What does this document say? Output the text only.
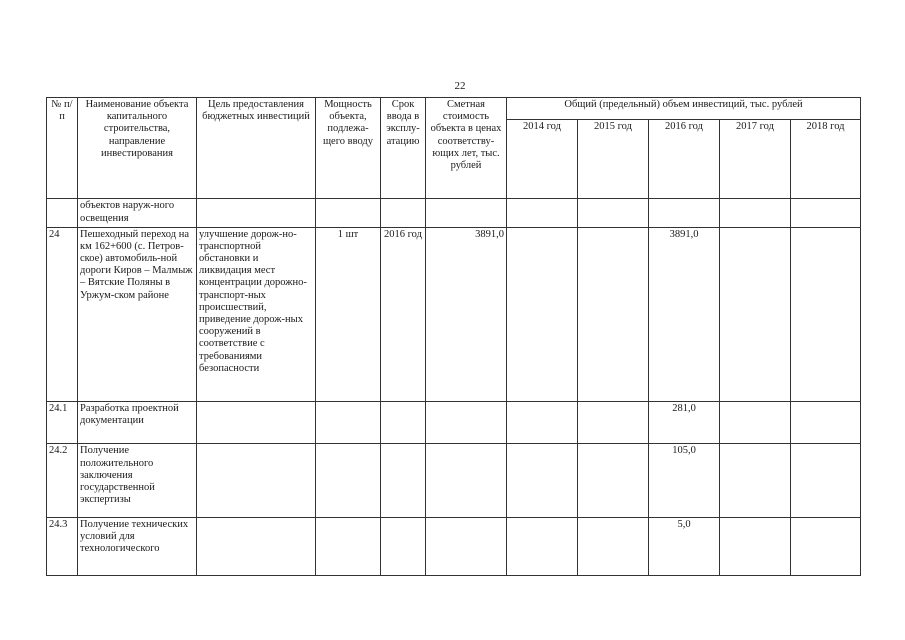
22
№ п/п	Наименование объекта капитального строительства, направление инвестирования	Цель предоставления бюджетных инвестиций	Мощность объекта, подлежа-щего вводу	Срок ввода в эксплу-атацию	Сметная стоимость объекта в ценах соответству-ющих лет, тыс. рублей	Общий (предельный) объем инвестиций, тыс. рублей				
						2014 год	2015 год	2016 год	2017 год	2018 год
	объектов наруж-ного освещения									
24	Пешеходный переход на км 162+600 (с. Петров-ское) автомобиль-ной дороги Киров – Малмыж – Вятские Поляны в Уржум-ском районе	улучшение дорож-но-транспортной обстановки и ликвидация мест концентрации дорожно-транспорт-ных происшествий, приведение дорож-ных сооружений в соответствие с требованиями безопасности	1 шт	2016 год	3891,0			3891,0		
24.1	Разработка проектной документации							281,0		
24.2	Получение положительного заключения государственной экспертизы							105,0		
24.3	Получение технических условий для технологического							5,0		
